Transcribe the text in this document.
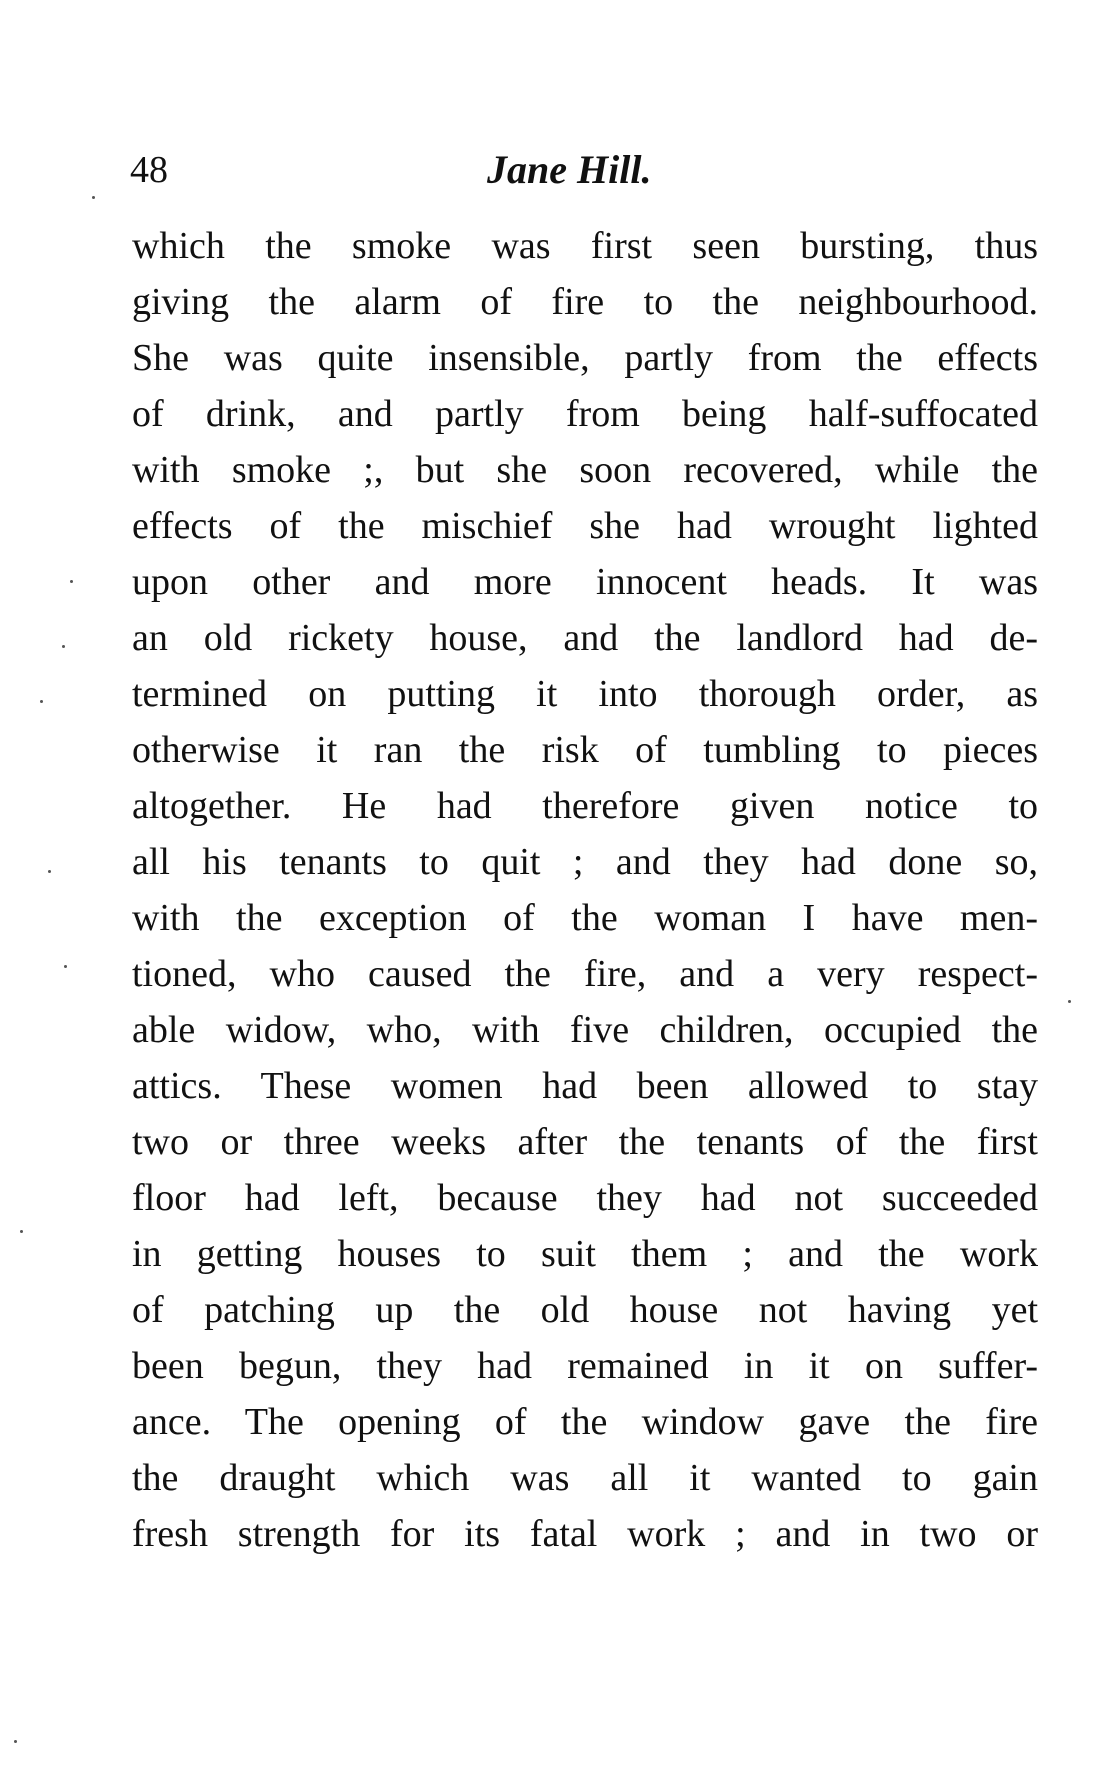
48	Jane Hill.
which the smoke was first seen bursting, thus
giving the alarm of fire to the neighbourhood.
She was quite insensible, partly from the effects
of drink, and partly from being half-suffocated
with smoke ;, but she soon recovered, while the
effects of the mischief she had wrought lighted
upon other and more innocent heads. It was
an old rickety house, and the landlord had de-
termined on putting it into thorough order, as
otherwise it ran the risk of tumbling to pieces
altogether. He had therefore given notice to
all his tenants to quit ; and they had done so,
with the exception of the woman I have men-
tioned, who caused the fire, and a very respect-
able widow, who, with five children, occupied the
attics. These women had been allowed to stay
two or three weeks after the tenants of the first
floor had left, because they had not succeeded
in getting houses to suit them ; and the work
of patching up the old house not having yet
been begun, they had remained in it on suffer-
ance. The opening of the window gave the fire
the draught which was all it wanted to gain
fresh strength for its fatal work ; and in two or
